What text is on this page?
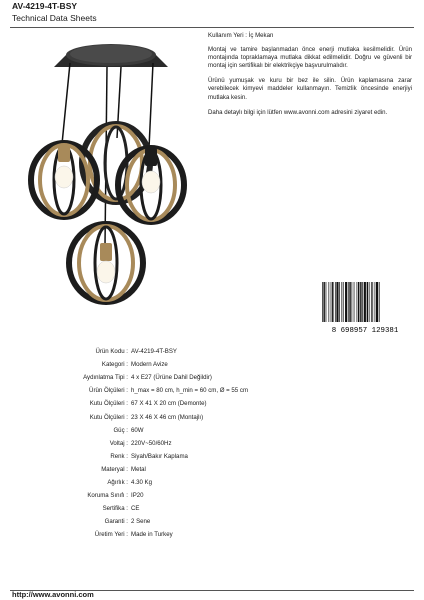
AV-4219-4T-BSY
Technical Data Sheets

Kullanım Yeri : İç Mekan

Montaj ve tamire başlanmadan önce enerji mutlaka kesilmelidir. Ürün montajında topraklamaya mutlaka dikkat edilmelidir. Doğru ve güvenli bir montaj için sertifikalı bir elektrikçiye başvurulmalıdır.

Ürünü yumuşak ve kuru bir bez ile silin. Ürün kaplamasına zarar verebilecek kimyevi maddeler kullanmayın. Temizlik öncesinde enerjiyi mutlaka kesin.

Daha detaylı bilgi için lütfen www.avonni.com adresini ziyaret edin.

8 698957 129381
Ürün Kodu : AV-4219-4T-BSY
Kategori : Modern Avize
Aydınlatma Tipi : 4 x E27 (Ürüne Dahil Değildir)
Ürün Ölçüleri : h_max = 80 cm, h_min = 60 cm, Ø = 55 cm
Kutu Ölçüleri : 67 X 41 X 20 cm (Demonte)
Kutu Ölçüleri : 23 X 46 X 46 cm (Montajlı)
Güç : 60W
Voltaj : 220V~50/60Hz
Renk : Siyah/Bakır Kaplama
Materyal : Metal
Ağırlık : 4.30 Kg
Koruma Sınıfı : IP20
Sertifika : CE
Garanti : 2 Sene
Üretim Yeri : Made in Turkey
http://www.avonni.com
